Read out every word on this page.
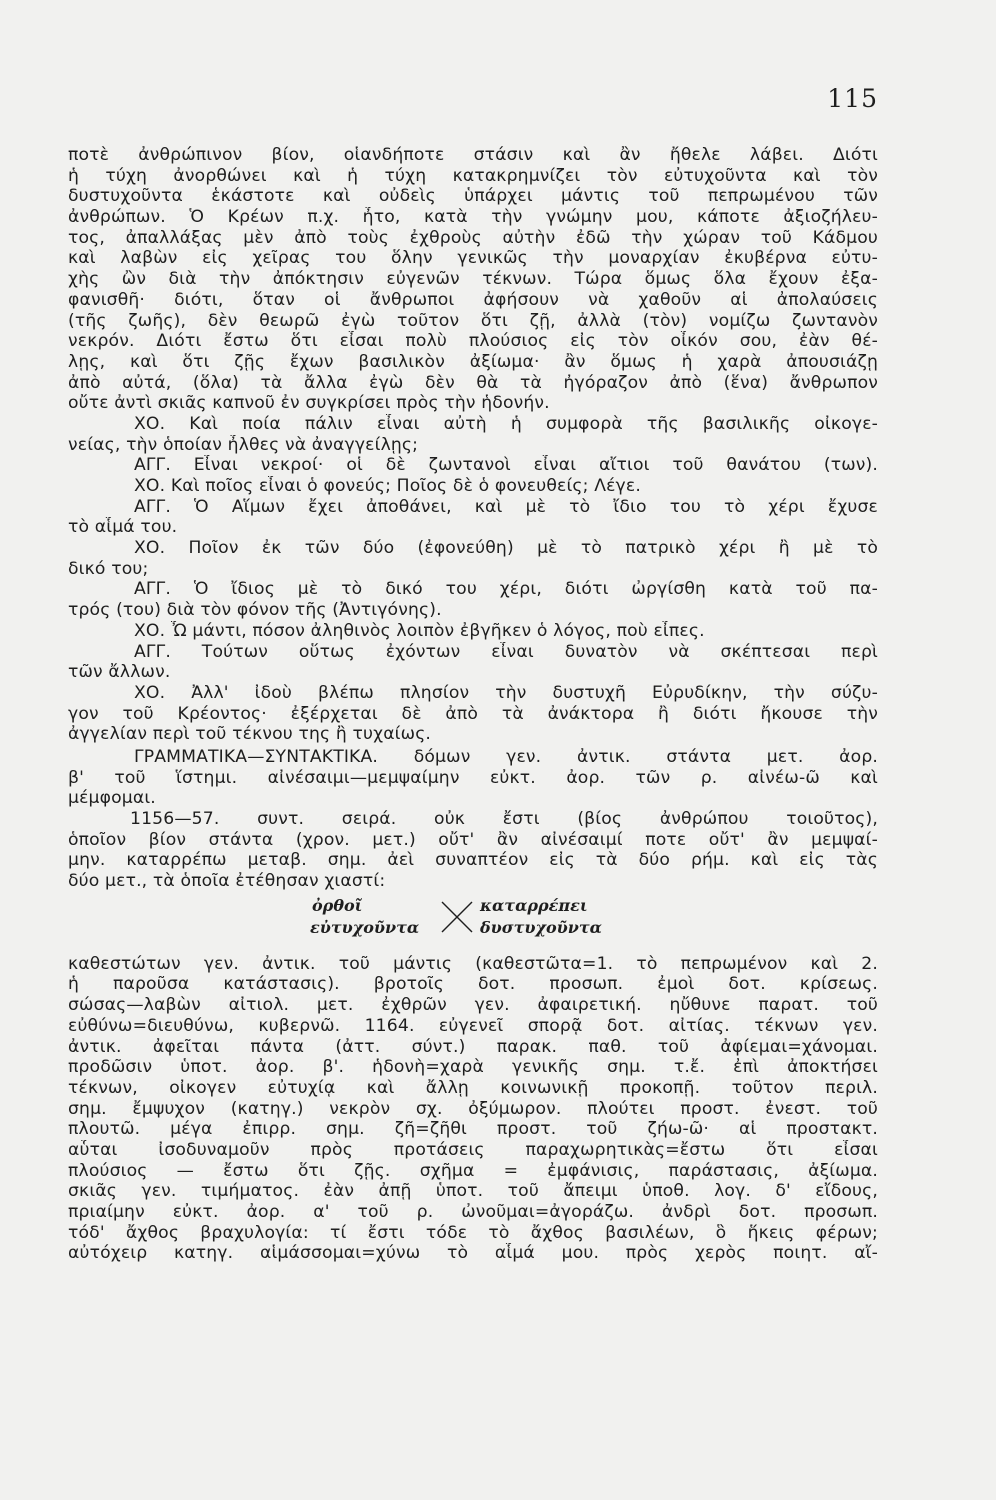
115
ποτὲ ἀνθρώπινον βίον, οἱανδήποτε στάσιν καὶ ἂν ἤθελε λάβει. Διότι
ἡ τύχη ἀνορθώνει καὶ ἡ τύχη κατακρημνίζει τὸν εὐτυχοῦντα καὶ τὸν
δυστυχοῦντα ἑκάστοτε καὶ οὐδεὶς ὑπάρχει μάντις τοῦ πεπρωμένου τῶν
ἀνθρώπων. Ὁ Κρέων π.χ. ἦτο, κατὰ τὴν γνώμην μου, κάποτε ἀξιοζήλευ-
τος, ἀπαλλάξας μὲν ἀπὸ τοὺς ἐχθροὺς αὐτὴν ἐδῶ τὴν χώραν τοῦ Κάδμου
καὶ λαβὼν εἰς χεῖρας του ὅλην γενικῶς τὴν μοναρχίαν ἐκυβέρνα εὐτυ-
χὴς ὢν διὰ τὴν ἀπόκτησιν εὐγενῶν τέκνων. Τώρα ὅμως ὅλα ἔχουν ἐξα-
φανισθῆ· διότι, ὅταν οἱ ἄνθρωποι ἀφήσουν νὰ χαθοῦν αἱ ἀπολαύσεις
(τῆς ζωῆς), δὲν θεωρῶ ἐγὼ τοῦτον ὅτι ζῇ, ἀλλὰ (τὸν) νομίζω ζωντανὸν
νεκρόν. Διότι ἔστω ὅτι εἶσαι πολὺ πλούσιος εἰς τὸν οἶκόν σου, ἐὰν θέ-
λῃς, καὶ ὅτι ζῇς ἔχων βασιλικὸν ἀξίωμα· ἂν ὅμως ἡ χαρὰ ἀπουσιάζῃ
ἀπὸ αὐτά, (ὅλα) τὰ ἄλλα ἐγὼ δὲν θὰ τὰ ἠγόραζον ἀπὸ (ἕνα) ἄνθρωπον
οὔτε ἀντὶ σκιᾶς καπνοῦ ἐν συγκρίσει πρὸς τὴν ἡδονήν.
ΧΟ. Καὶ ποία πάλιν εἶναι αὐτὴ ἡ συμφορὰ τῆς βασιλικῆς οἰκογε-
νείας, τὴν ὁποίαν ἦλθες νὰ ἀναγγείλῃς;
ΑΓΓ. Εἶναι νεκροί· οἱ δὲ ζωντανοὶ εἶναι αἴτιοι τοῦ θανάτου (των).
ΧΟ. Καὶ ποῖος εἶναι ὁ φονεύς; Ποῖος δὲ ὁ φονευθείς; Λέγε.
ΑΓΓ. Ὁ Αἵμων ἔχει ἀποθάνει, καὶ μὲ τὸ ἴδιο του τὸ χέρι ἔχυσε
τὸ αἷμά του.
ΧΟ. Ποῖον ἐκ τῶν δύο (ἐφονεύθη) μὲ τὸ πατρικὸ χέρι ἢ μὲ τὸ
δικό του;
ΑΓΓ. Ὁ ἴδιος μὲ τὸ δικό του χέρι, διότι ὠργίσθη κατὰ τοῦ πα-
τρός (του) διὰ τὸν φόνον τῆς (Ἀντιγόνης).
ΧΟ. Ὦ μάντι, πόσον ἀληθινὸς λοιπὸν ἐβγῆκεν ὁ λόγος, ποὺ εἶπες.
ΑΓΓ. Τούτων οὕτως ἐχόντων εἶναι δυνατὸν νὰ σκέπτεσαι περὶ
τῶν ἄλλων.
ΧΟ. Ἀλλ' ἰδοὺ βλέπω πλησίον τὴν δυστυχῆ Εὐρυδίκην, τὴν σύζυ-
γον τοῦ Κρέοντος· ἐξέρχεται δὲ ἀπὸ τὰ ἀνάκτορα ἢ διότι ἤκουσε τὴν
ἀγγελίαν περὶ τοῦ τέκνου της ἢ τυχαίως.
ΓΡΑΜΜΑΤΙΚΑ—ΣΥΝΤΑΚΤΙΚΑ. δόμων γεν. ἀντικ. στάντα μετ. ἀορ.
β' τοῦ ἵστημι. αἰνέσαιμι—μεμψαίμην εὐκτ. ἀορ. τῶν ρ. αἰνέω-ῶ καὶ
μέμφομαι.
1156—57. συντ. σειρά. οὐκ ἔστι (βίος ἀνθρώπου τοιοῦτος),
ὁποῖον βίον στάντα (χρον. μετ.) οὔτ' ἂν αἰνέσαιμί ποτε οὔτ' ἂν μεμψαί-
μην. καταρρέπω μεταβ. σημ. ἀεὶ συναπτέον εἰς τὰ δύο ρήμ. καὶ εἰς τὰς
δύο μετ., τὰ ὁποῖα ἐτέθησαν χιαστί:
ὀρθοῖ	καταρρέπει
εὐτυχοῦντα	δυστυχοῦντα
καθεστώτων γεν. ἀντικ. τοῦ μάντις (καθεστῶτα=1. τὸ πεπρωμένον καὶ 2.
ἡ παροῦσα κατάστασις). βροτοῖς δοτ. προσωπ. ἐμοὶ δοτ. κρίσεως.
σώσας—λαβὼν αἰτιολ. μετ. ἐχθρῶν γεν. ἀφαιρετική. ηὔθυνε παρατ. τοῦ
εὐθύνω=διευθύνω, κυβερνῶ. 1164. εὐγενεῖ σπορᾷ δοτ. αἰτίας. τέκνων γεν.
ἀντικ. ἀφεῖται πάντα (ἀττ. σύντ.) παρακ. παθ. τοῦ ἀφίεμαι=χάνομαι.
προδῶσιν ὑποτ. ἀορ. β'. ἡδονὴ=χαρὰ γενικῆς σημ. τ.ἔ. ἐπὶ ἀποκτήσει
τέκνων, οἰκογεν εὐτυχίᾳ καὶ ἄλλῃ κοινωνικῇ προκοπῇ. τοῦτον περιλ.
σημ. ἔμψυχον (κατηγ.) νεκρὸν σχ. ὀξύμωρον. πλούτει προστ. ἐνεστ. τοῦ
πλουτῶ. μέγα ἐπιρρ. σημ. ζῆ=ζῆθι προστ. τοῦ ζήω-ῶ· αἱ προστακτ.
αὗται ἰσοδυναμοῦν πρὸς προτάσεις παραχωρητικὰς=ἔστω ὅτι εἶσαι
πλούσιος — ἔστω ὅτι ζῇς. σχῆμα = ἐμφάνισις, παράστασις, ἀξίωμα.
σκιᾶς γεν. τιμήματος. ἐὰν ἀπῇ ὑποτ. τοῦ ἄπειμι ὑποθ. λογ. δ' εἴδους,
πριαίμην εὐκτ. ἀορ. α' τοῦ ρ. ὠνοῦμαι=ἀγοράζω. ἀνδρὶ δοτ. προσωπ.
τόδ' ἄχθος βραχυλογία: τί ἔστι τόδε τὸ ἄχθος βασιλέων, ὃ ἥκεις φέρων;
αὐτόχειρ κατηγ. αἱμάσσομαι=χύνω τὸ αἷμά μου. πρὸς χερὸς ποιητ. αἴ-
